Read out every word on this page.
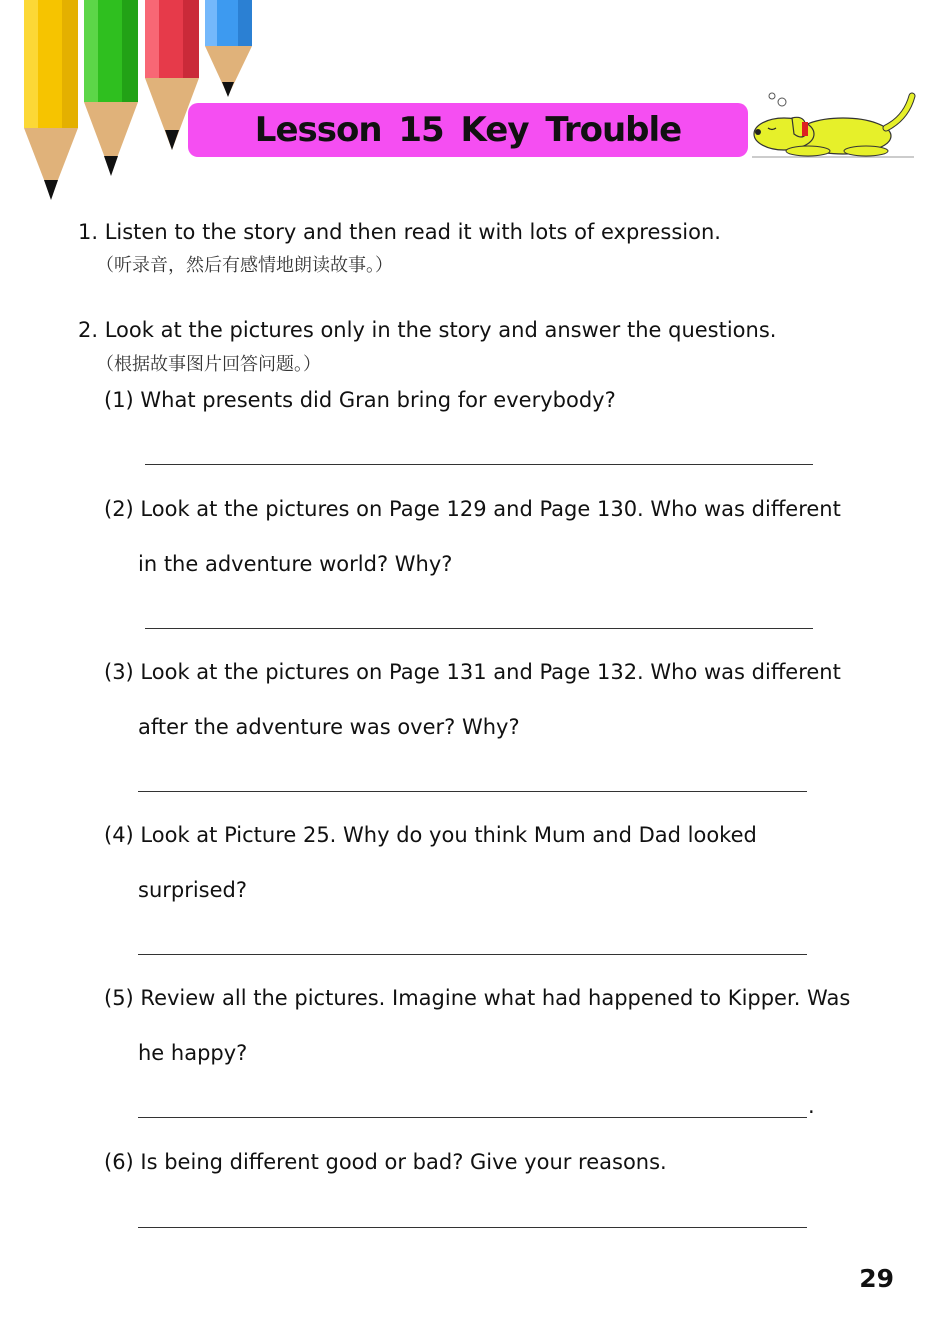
Lesson 15 Key Trouble
1. Listen to the story and then read it with lots of expression.
（听录音，然后有感情地朗读故事。）
2. Look at the pictures only in the story and answer the questions.
（根据故事图片回答问题。）
(1) What presents did Gran bring for everybody?
(2) Look at the pictures on Page 129 and Page 130. Who was different
in the adventure world? Why?
(3) Look at the pictures on Page 131 and Page 132. Who was different
after the adventure was over? Why?
(4) Look at Picture 25. Why do you think Mum and Dad looked
surprised?
(5) Review all the pictures. Imagine what had happened to Kipper. Was
he happy?
.
(6) Is being different good or bad? Give your reasons.
29
